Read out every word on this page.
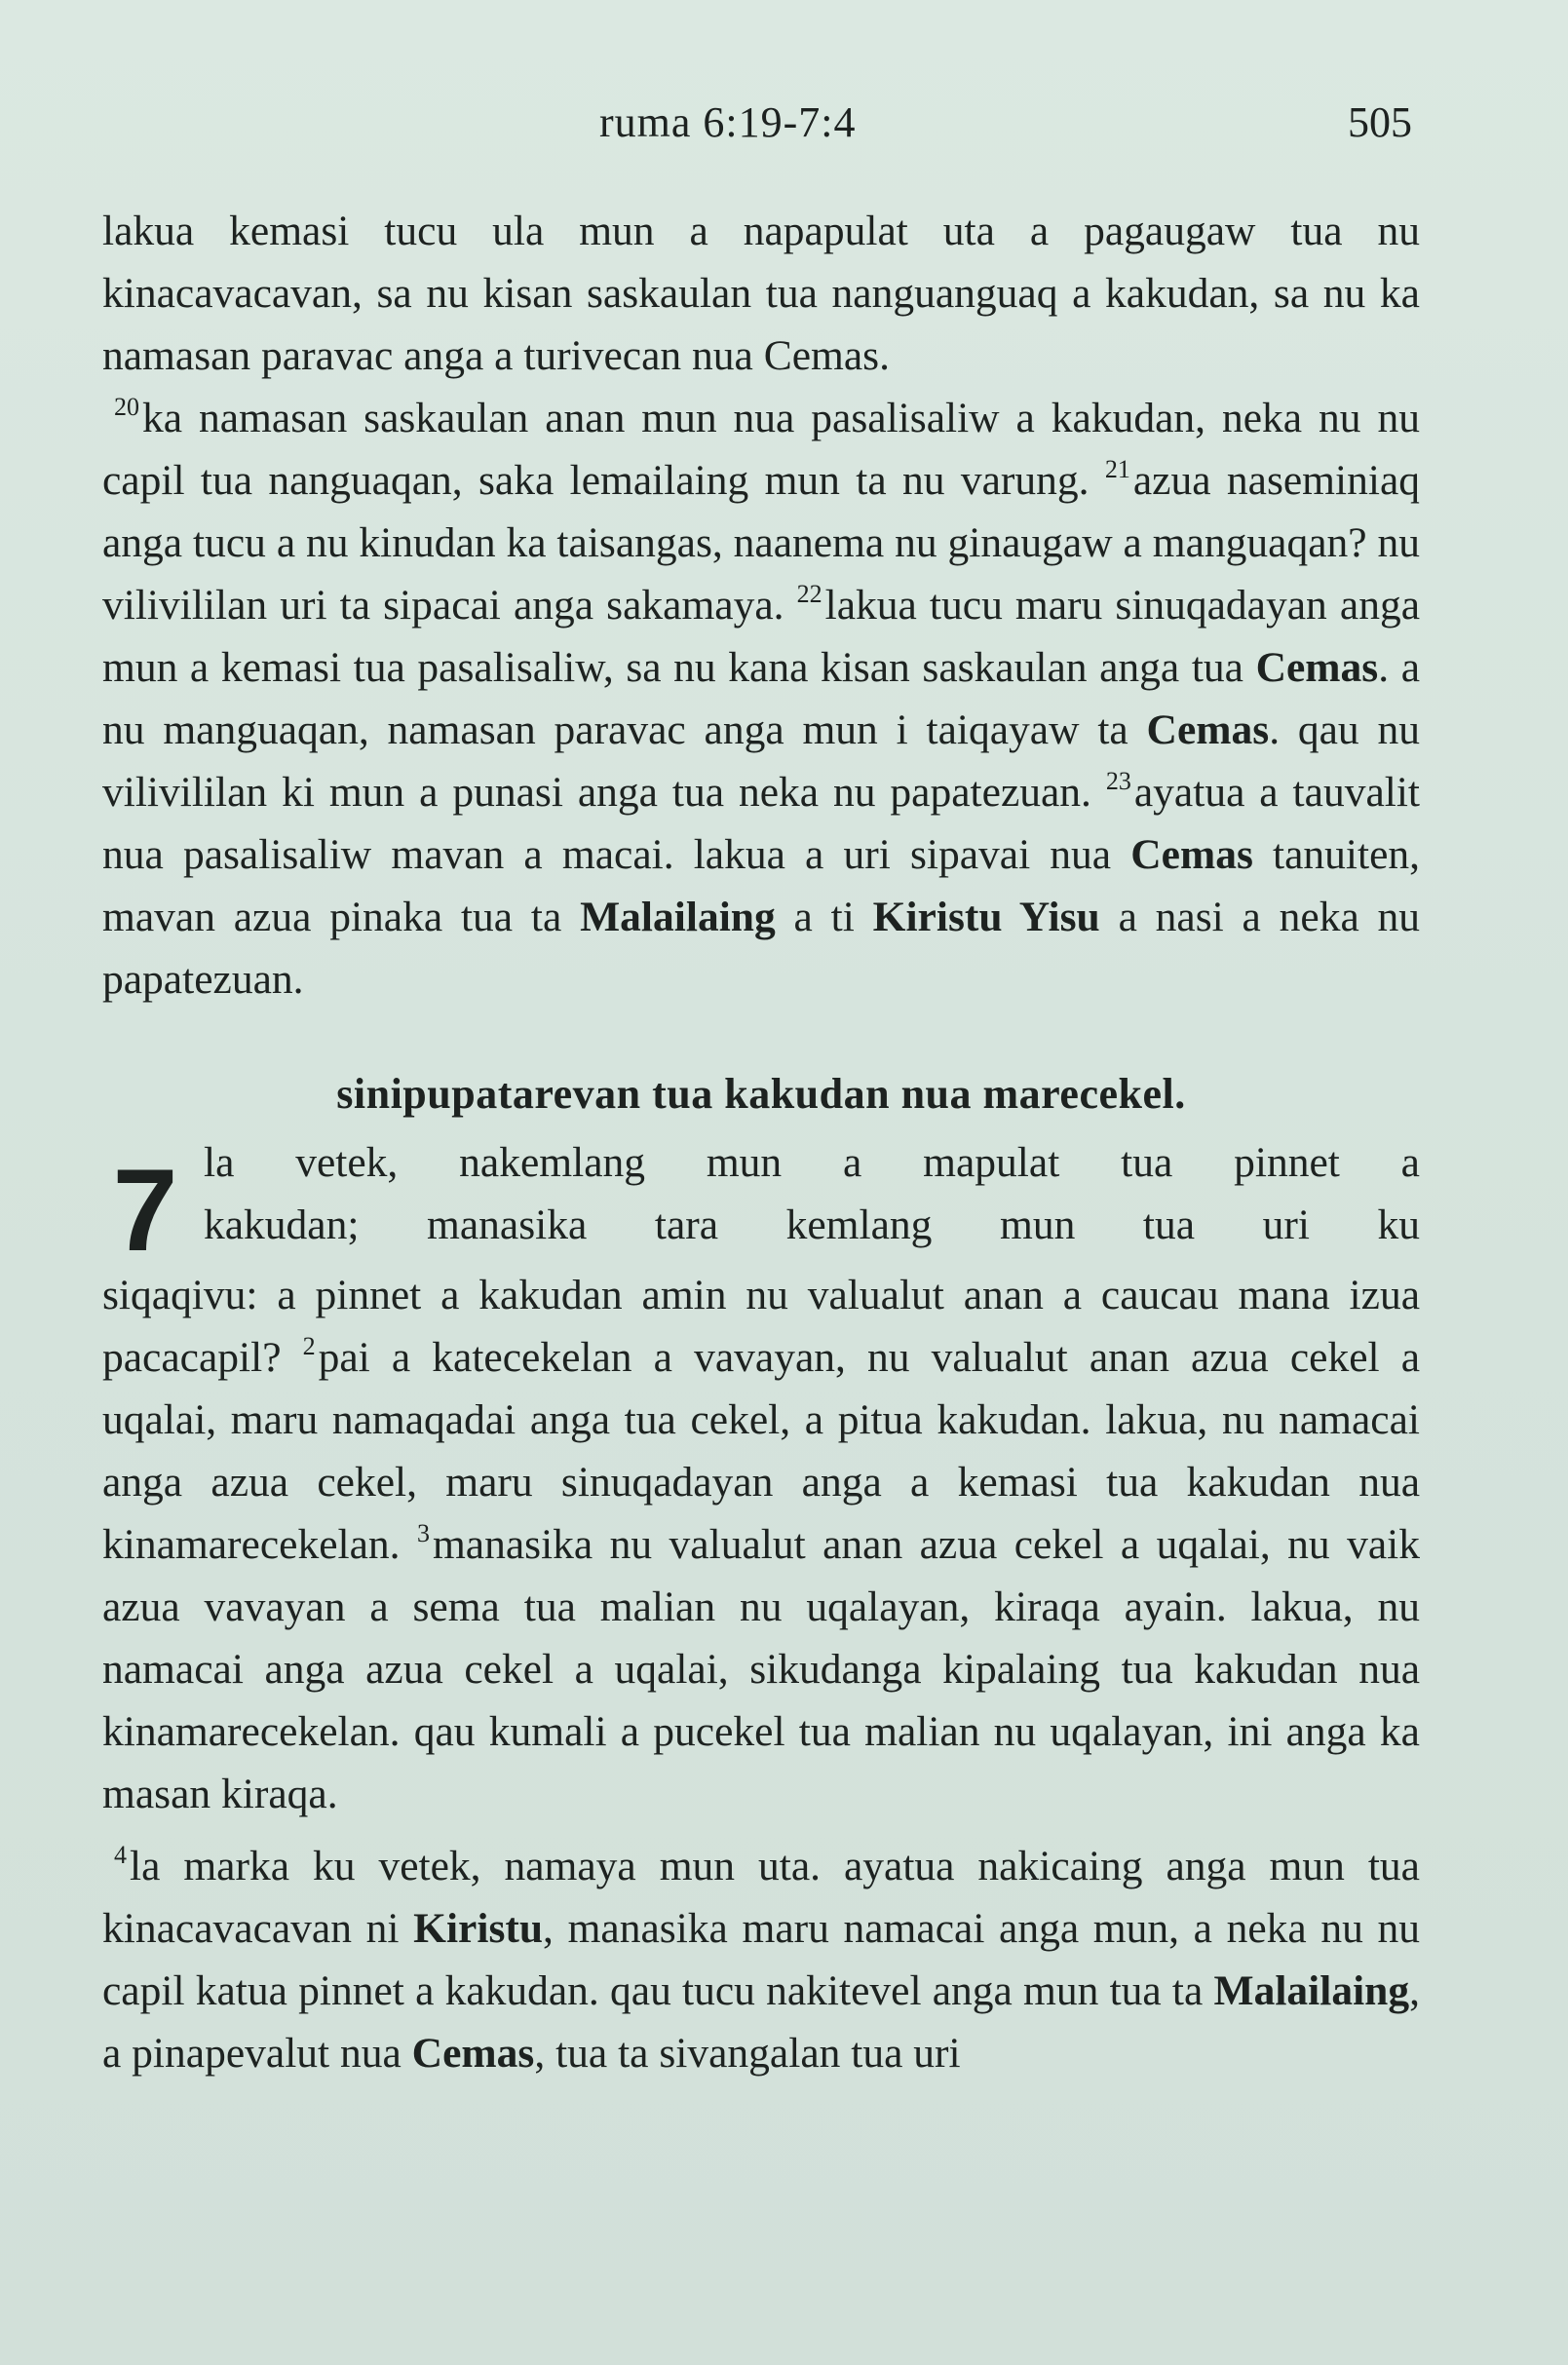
ruma 6:19-7:4	505

lakua kemasi tucu ula mun a napapulat uta a pagaugaw tua nu kinacavacavan, sa nu kisan saskaulan tua nanguanguaq a kakudan, sa nu ka namasan paravac anga a turivecan nua Cemas.

$^{20}$ka namasan saskaulan anan mun nua pasalisaliw a kakudan, neka nu nu capil tua nanguaqan, saka lemailaing mun ta nu varung. $^{21}$azua naseminiaq anga tucu a nu kinudan ka taisangas, naanema nu ginaugaw a manguaqan? nu vilivililan uri ta sipacai anga sakamaya. $^{22}$lakua tucu maru sinuqadayan anga mun a kemasi tua pasalisaliw, sa nu kana kisan saskaulan anga tua Cemas. a nu manguaqan, namasan paravac anga mun i taiqayaw ta Cemas. qau nu vilivililan ki mun a punasi anga tua neka nu papatezuan. $^{23}$ayatua a tauvalit nua pasalisaliw mavan a macai. lakua a uri sipavai nua Cemas tanuiten, mavan azua pinaka tua ta Malailaing a ti Kiristu Yisu a nasi a neka nu papatezuan.

sinipupatarevan tua kakudan nua marecekel.
7 la vetek, nakemlang mun a mapulat tua pinnet a
kakudan; manasika tara kemlang mun tua uri ku

siqaqivu: a pinnet a kakudan amin nu valualut anan a caucau mana izua pacacapil? $^2$pai a katecekelan a vavayan, nu valualut anan azua cekel a uqalai, maru namaqadai anga tua cekel, a pitua kakudan. lakua, nu namacai anga azua cekel, maru sinuqadayan anga a kemasi tua kakudan nua kinamarecekelan. $^3$manasika nu valualut anan azua cekel a uqalai, nu vaik azua vavayan a sema tua malian nu uqalayan, kiraqa ayain. lakua, nu namacai anga azua cekel a uqalai, sikudanga kipalaing tua kakudan nua kinamarecekelan. qau kumali a pucekel tua malian nu uqalayan, ini anga ka masan kiraqa.

$^4$la marka ku vetek, namaya mun uta. ayatua nakicaing anga mun tua kinacavacavan ni Kiristu, manasika maru namacai anga mun, a neka nu nu capil katua pinnet a kakudan. qau tucu nakitevel anga mun tua ta Malailaing, a pinapevalut nua Cemas, tua ta sivangalan tua uri
